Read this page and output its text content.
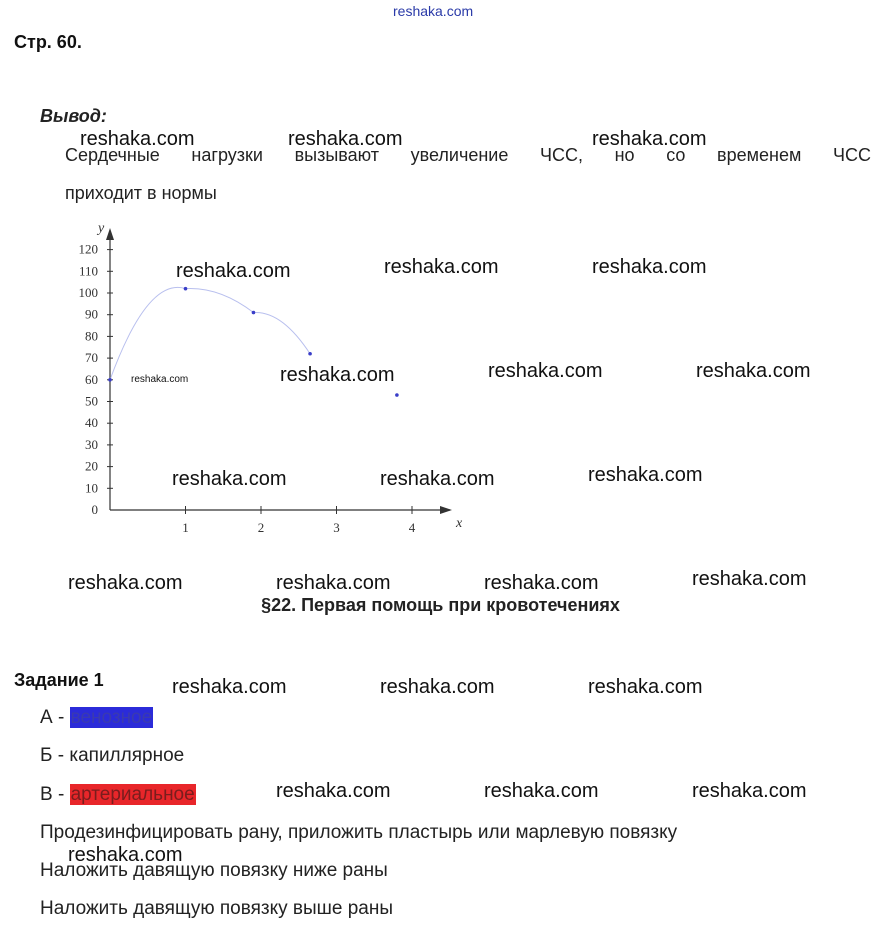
reshaka.com
Стр. 60.
Вывод:
Сердечные нагрузки вызывают увеличение ЧСС, но со временем ЧСС
приходит в нормы
y
x
0
10
20
30
40
50
60
70
80
90
100
110
120
1	2	3	4
§22. Первая помощь при кровотечениях
Задание 1
А - венозное
Б - капиллярное
В - артериальное
Продезинфицировать рану, приложить пластырь или марлевую повязку
Наложить давящую повязку ниже раны
Наложить давящую повязку выше раны
reshaka.com	reshaka.com	reshaka.com
reshaka.com	reshaka.com	reshaka.com
reshaka.com	reshaka.com	reshaka.com	reshaka.com
reshaka.com	reshaka.com	reshaka.com
reshaka.com	reshaka.com	reshaka.com	reshaka.com
reshaka.com	reshaka.com	reshaka.com
reshaka.com	reshaka.com	reshaka.com
reshaka.com
